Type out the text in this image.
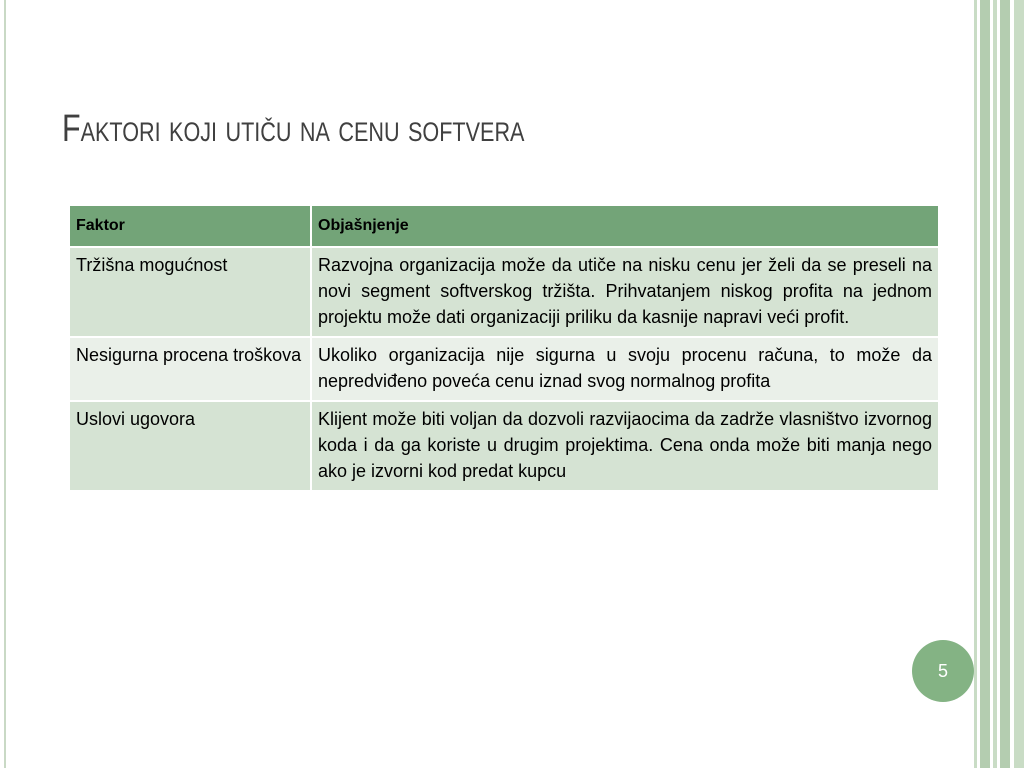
Faktori koji utiču na cenu softvera
Faktor	Objašnjenje
Tržišna mogućnost	Razvojna organizacija može da utiče na nisku cenu jer želi da se preseli na novi segment softverskog tržišta. Prihvatanjem niskog profita na jednom projektu može dati organizaciji priliku da kasnije napravi veći profit.
Nesigurna procena troškova	Ukoliko organizacija nije sigurna u svoju procenu računa, to može da nepredviđeno poveća cenu iznad svog normalnog profita
Uslovi ugovora	Klijent može biti voljan da dozvoli razvijaocima da zadrže vlasništvo izvornog koda i da ga koriste u drugim projektima. Cena onda može biti manja nego ako je izvorni kod predat kupcu
5
